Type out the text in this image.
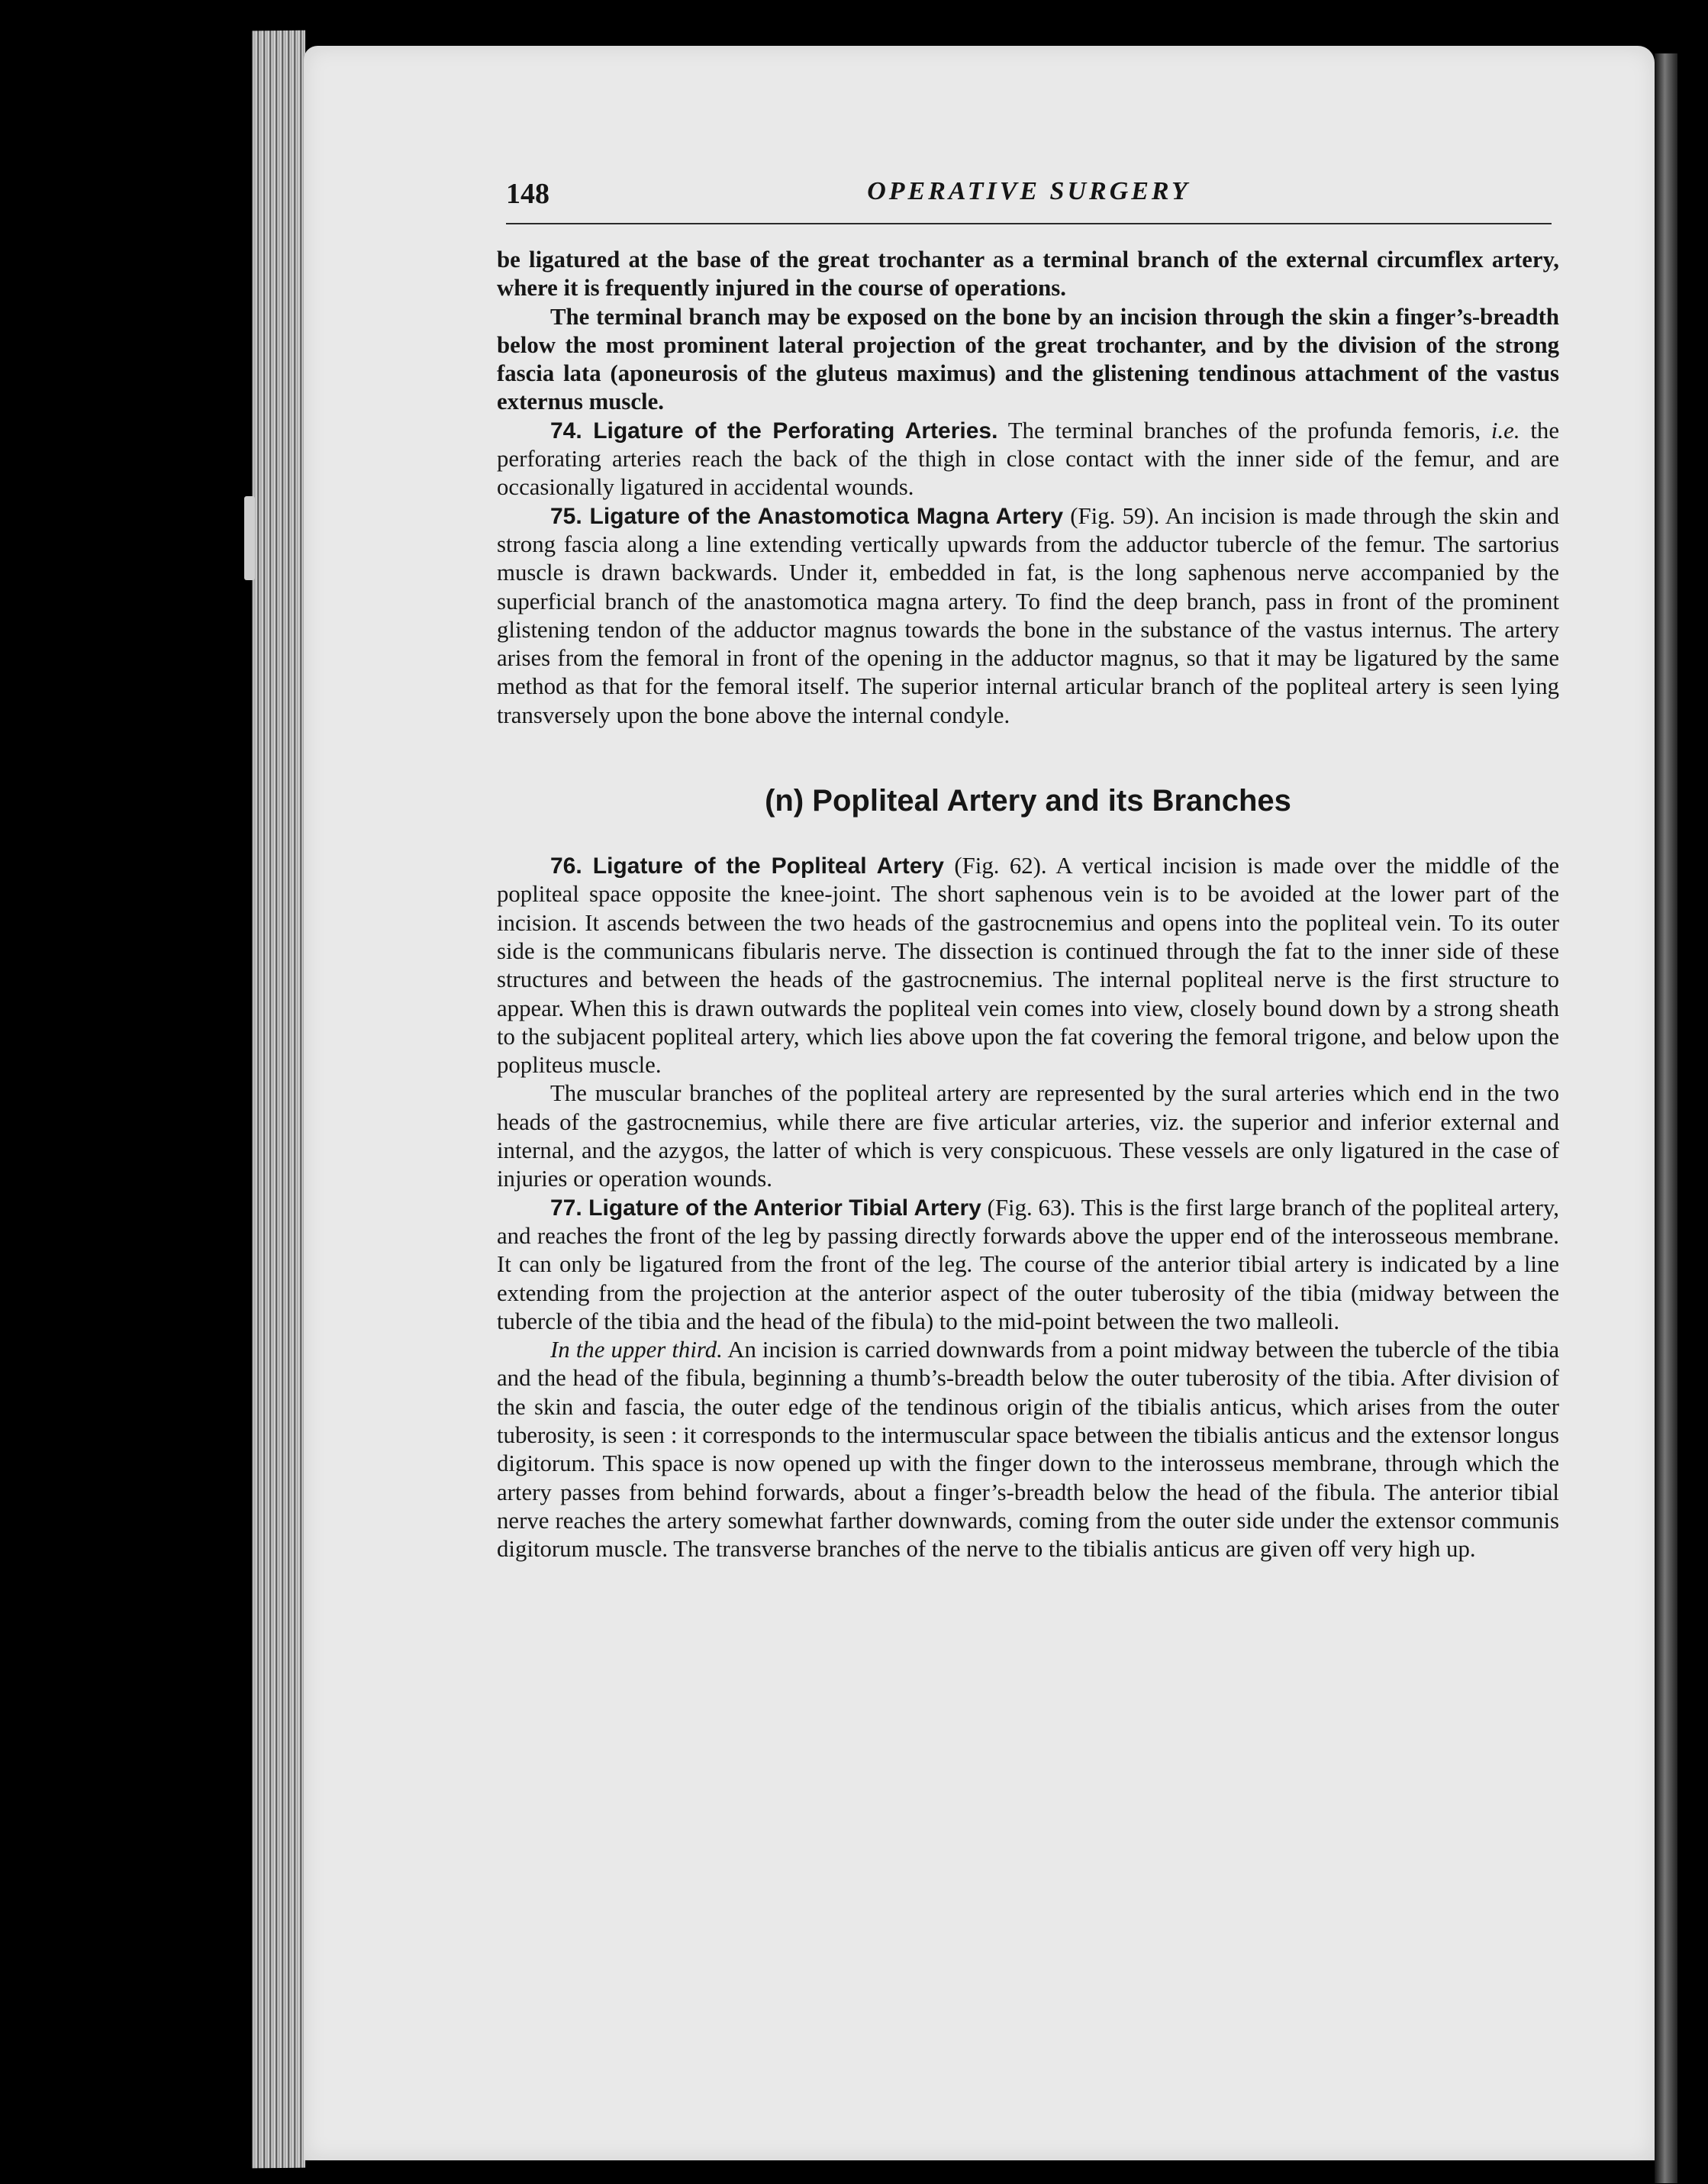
148	OPERATIVE SURGERY

be ligatured at the base of the great trochanter as a terminal branch of the external circumflex artery, where it is frequently injured in the course of operations.

The terminal branch may be exposed on the bone by an incision through the skin a finger’s-breadth below the most prominent lateral projection of the great trochanter, and by the division of the strong fascia lata (aponeurosis of the gluteus maximus) and the glistening tendinous attachment of the vastus externus muscle.

74. Ligature of the Perforating Arteries. The terminal branches of the profunda femoris, i.e. the perforating arteries reach the back of the thigh in close contact with the inner side of the femur, and are occasionally ligatured in accidental wounds.

75. Ligature of the Anastomotica Magna Artery (Fig. 59). An incision is made through the skin and strong fascia along a line extending vertically upwards from the adductor tubercle of the femur. The sartorius muscle is drawn backwards. Under it, embedded in fat, is the long saphenous nerve accompanied by the superficial branch of the anastomotica magna artery. To find the deep branch, pass in front of the prominent glistening tendon of the adductor magnus towards the bone in the substance of the vastus internus. The artery arises from the femoral in front of the opening in the adductor magnus, so that it may be ligatured by the same method as that for the femoral itself. The superior internal articular branch of the popliteal artery is seen lying transversely upon the bone above the internal condyle.

(n) Popliteal Artery and its Branches

76. Ligature of the Popliteal Artery (Fig. 62). A vertical incision is made over the middle of the popliteal space opposite the knee-joint. The short saphenous vein is to be avoided at the lower part of the incision. It ascends between the two heads of the gastrocnemius and opens into the popliteal vein. To its outer side is the communicans fibularis nerve. The dissection is continued through the fat to the inner side of these structures and between the heads of the gastrocnemius. The internal popliteal nerve is the first structure to appear. When this is drawn outwards the popliteal vein comes into view, closely bound down by a strong sheath to the subjacent popliteal artery, which lies above upon the fat covering the femoral trigone, and below upon the popliteus muscle.

The muscular branches of the popliteal artery are represented by the sural arteries which end in the two heads of the gastrocnemius, while there are five articular arteries, viz. the superior and inferior external and internal, and the azygos, the latter of which is very conspicuous. These vessels are only ligatured in the case of injuries or operation wounds.

77. Ligature of the Anterior Tibial Artery (Fig. 63). This is the first large branch of the popliteal artery, and reaches the front of the leg by passing directly forwards above the upper end of the interosseous membrane. It can only be ligatured from the front of the leg. The course of the anterior tibial artery is indicated by a line extending from the projection at the anterior aspect of the outer tuberosity of the tibia (midway between the tubercle of the tibia and the head of the fibula) to the mid-point between the two malleoli.

In the upper third. An incision is carried downwards from a point midway between the tubercle of the tibia and the head of the fibula, beginning a thumb’s-breadth below the outer tuberosity of the tibia. After division of the skin and fascia, the outer edge of the tendinous origin of the tibialis anticus, which arises from the outer tuberosity, is seen : it corresponds to the intermuscular space between the tibialis anticus and the extensor longus digitorum. This space is now opened up with the finger down to the interosseus membrane, through which the artery passes from behind forwards, about a finger’s-breadth below the head of the fibula. The anterior tibial nerve reaches the artery somewhat farther downwards, coming from the outer side under the extensor communis digitorum muscle. The transverse branches of the nerve to the tibialis anticus are given off very high up.
